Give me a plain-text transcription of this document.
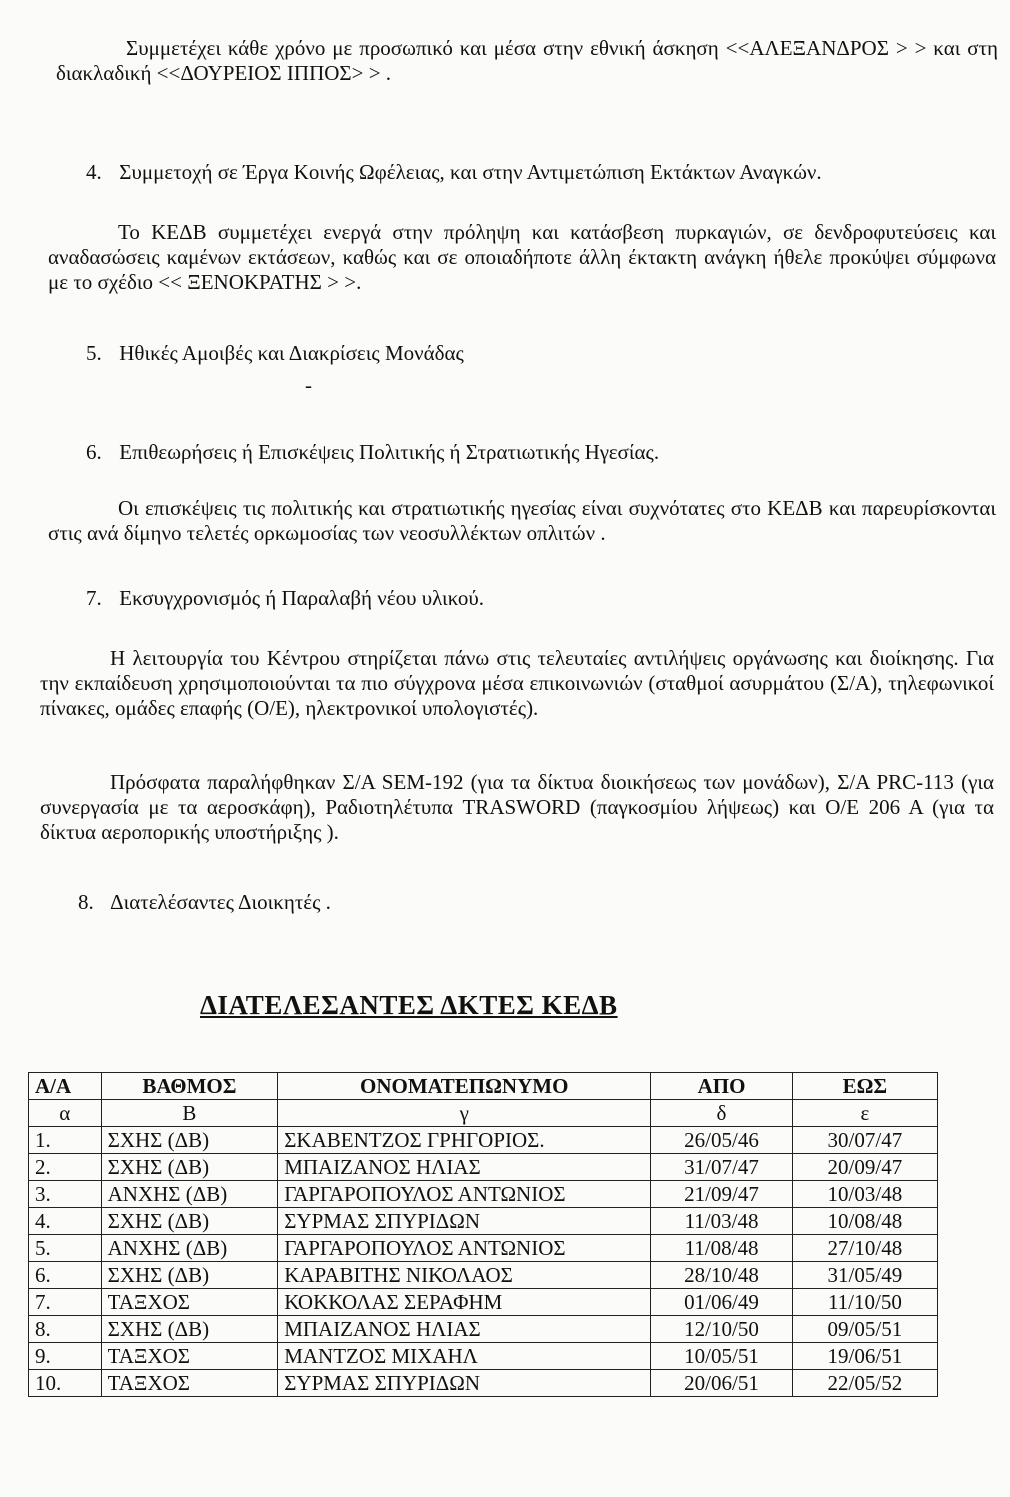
Συμμετέχει κάθε χρόνο με προσωπικό και μέσα στην εθνική άσκηση <<ΑΛΕΞΑΝΔΡΟΣ > > και στη διακλαδική <<ΔΟΥΡΕΙΟΣ ΙΠΠΟΣ> > .

4. Συμμετοχή σε Έργα Κοινής Ωφέλειας, και στην Αντιμετώπιση Εκτάκτων Αναγκών.

Το ΚΕΔΒ συμμετέχει ενεργά στην πρόληψη και κατάσβεση πυρκαγιών, σε δενδροφυτεύσεις και αναδασώσεις καμένων εκτάσεων, καθώς και σε οποιαδήποτε άλλη έκτακτη ανάγκη ήθελε προκύψει σύμφωνα με το σχέδιο << ΞΕΝΟΚΡΑΤΗΣ > >.

5. Ηθικές Αμοιβές και Διακρίσεις Μονάδας
-
6. Επιθεωρήσεις ή Επισκέψεις Πολιτικής ή Στρατιωτικής Ηγεσίας.

Οι επισκέψεις τις πολιτικής και στρατιωτικής ηγεσίας είναι συχνότατες στο ΚΕΔΒ και παρευρίσκονται στις ανά δίμηνο τελετές ορκωμοσίας των νεοσυλλέκτων οπλιτών .

7. Εκσυγχρονισμός ή Παραλαβή νέου υλικού.

Η λειτουργία του Κέντρου στηρίζεται πάνω στις τελευταίες αντιλήψεις οργάνωσης και διοίκησης. Για την εκπαίδευση χρησιμοποιούνται τα πιο σύγχρονα μέσα επικοινωνιών (σταθμοί ασυρμάτου (Σ/Α), τηλεφωνικοί πίνακες, ομάδες επαφής (Ο/Ε), ηλεκτρονικοί υπολογιστές).

Πρόσφατα παραλήφθηκαν Σ/Α SEM-192 (για τα δίκτυα διοικήσεως των μονάδων), Σ/Α PRC-113 (για συνεργασία με τα αεροσκάφη), Ραδιοτηλέτυπα TRASWORD (παγκοσμίου λήψεως) και Ο/Ε 206 Α (για τα δίκτυα αεροπορικής υποστήριξης ).

8. Διατελέσαντες Διοικητές .
ΔΙΑΤΕΛΕΣΑΝΤΕΣ ΔΚΤΕΣ ΚΕΔΒ
Α/Α	ΒΑΘΜΟΣ	ΟΝΟΜΑΤΕΠΩΝΥΜΟ	ΑΠΟ	ΕΩΣ
α	Β	γ	δ	ε
1.	ΣΧΗΣ (ΔΒ)	ΣΚΑΒΕΝΤΖΟΣ ΓΡΗΓΟΡΙΟΣ.	26/05/46	30/07/47
2.	ΣΧΗΣ (ΔΒ)	ΜΠΑΙΖΑΝΟΣ ΗΛΙΑΣ	31/07/47	20/09/47
3.	ΑΝΧΗΣ (ΔΒ)	ΓΑΡΓΑΡΟΠΟΥΛΟΣ ΑΝΤΩΝΙΟΣ	21/09/47	10/03/48
4.	ΣΧΗΣ (ΔΒ)	ΣΥΡΜΑΣ ΣΠΥΡΙΔΩΝ	11/03/48	10/08/48
5.	ΑΝΧΗΣ (ΔΒ)	ΓΑΡΓΑΡΟΠΟΥΛΟΣ ΑΝΤΩΝΙΟΣ	11/08/48	27/10/48
6.	ΣΧΗΣ (ΔΒ)	ΚΑΡΑΒΙΤΗΣ ΝΙΚΟΛΑΟΣ	28/10/48	31/05/49
7.	ΤΑΞΧΟΣ	ΚΟΚΚΟΛΑΣ ΣΕΡΑΦΗΜ	01/06/49	11/10/50
8.	ΣΧΗΣ (ΔΒ)	ΜΠΑΙΖΑΝΟΣ ΗΛΙΑΣ	12/10/50	09/05/51
9.	ΤΑΞΧΟΣ	ΜΑΝΤΖΟΣ ΜΙΧΑΗΛ	10/05/51	19/06/51
10.	ΤΑΞΧΟΣ	ΣΥΡΜΑΣ ΣΠΥΡΙΔΩΝ	20/06/51	22/05/52
